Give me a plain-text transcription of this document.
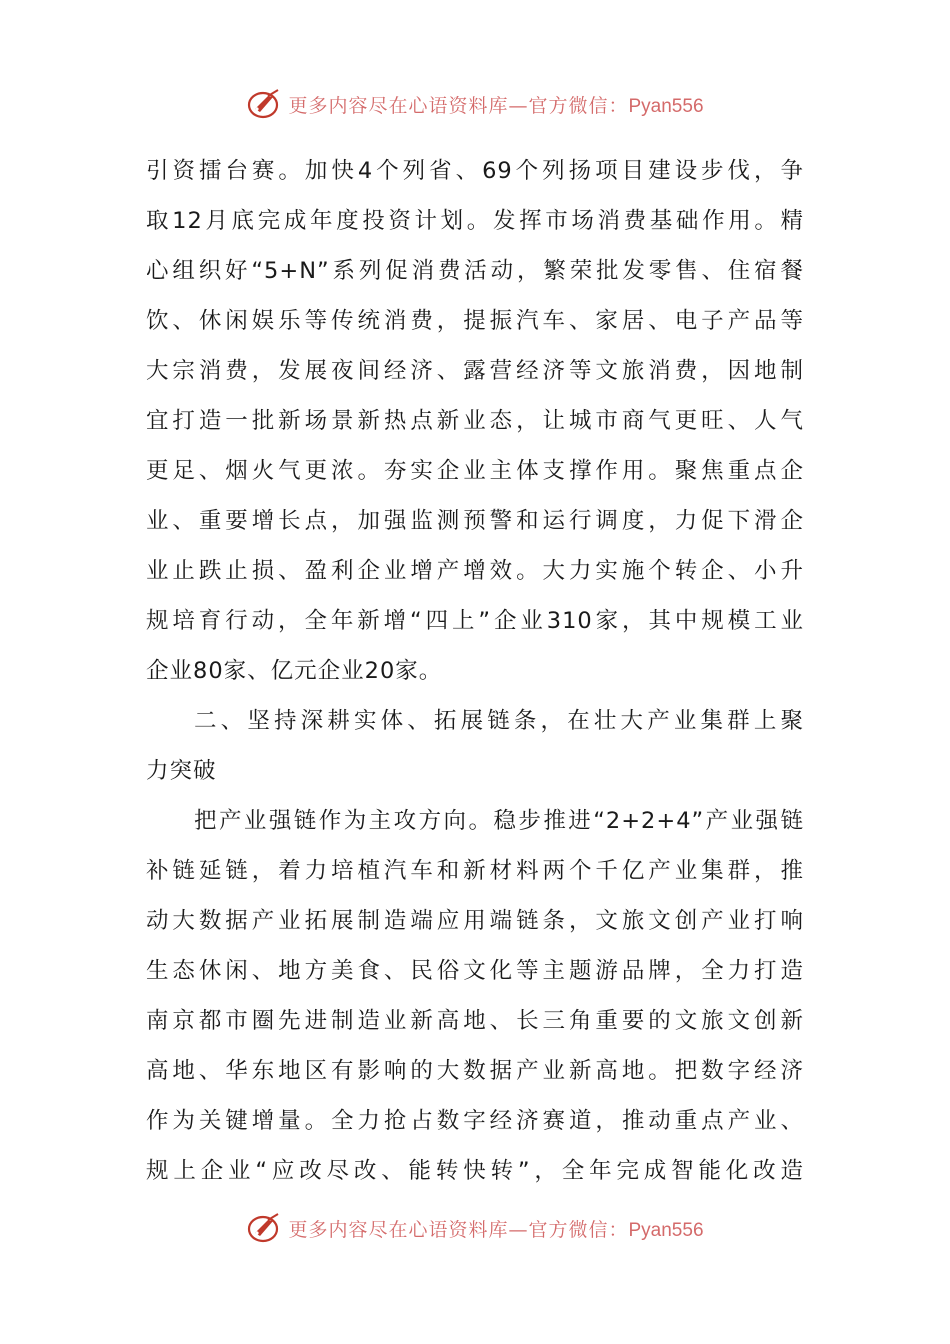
更多内容尽在心语资料库—官方微信：Pyan556
引资擂台赛。加快4个列省、69个列扬项目建设步伐，争
取12月底完成年度投资计划。发挥市场消费基础作用。精
心组织好“5+N”系列促消费活动，繁荣批发零售、住宿餐
饮、休闲娱乐等传统消费，提振汽车、家居、电子产品等
大宗消费，发展夜间经济、露营经济等文旅消费，因地制
宜打造一批新场景新热点新业态，让城市商气更旺、人气
更足、烟火气更浓。夯实企业主体支撑作用。聚焦重点企
业、重要增长点，加强监测预警和运行调度，力促下滑企
业止跌止损、盈利企业增产增效。大力实施个转企、小升
规培育行动，全年新增“四上”企业310家，其中规模工业
企业80家、亿元企业20家。
二、坚持深耕实体、拓展链条，在壮大产业集群上聚
力突破
把产业强链作为主攻方向。稳步推进“2+2+4”产业强链
补链延链，着力培植汽车和新材料两个千亿产业集群，推
动大数据产业拓展制造端应用端链条，文旅文创产业打响
生态休闲、地方美食、民俗文化等主题游品牌，全力打造
南京都市圈先进制造业新高地、长三角重要的文旅文创新
高地、华东地区有影响的大数据产业新高地。把数字经济
作为关键增量。全力抢占数字经济赛道，推动重点产业、
规上企业“应改尽改、能转快转”，全年完成智能化改造
更多内容尽在心语资料库—官方微信：Pyan556
